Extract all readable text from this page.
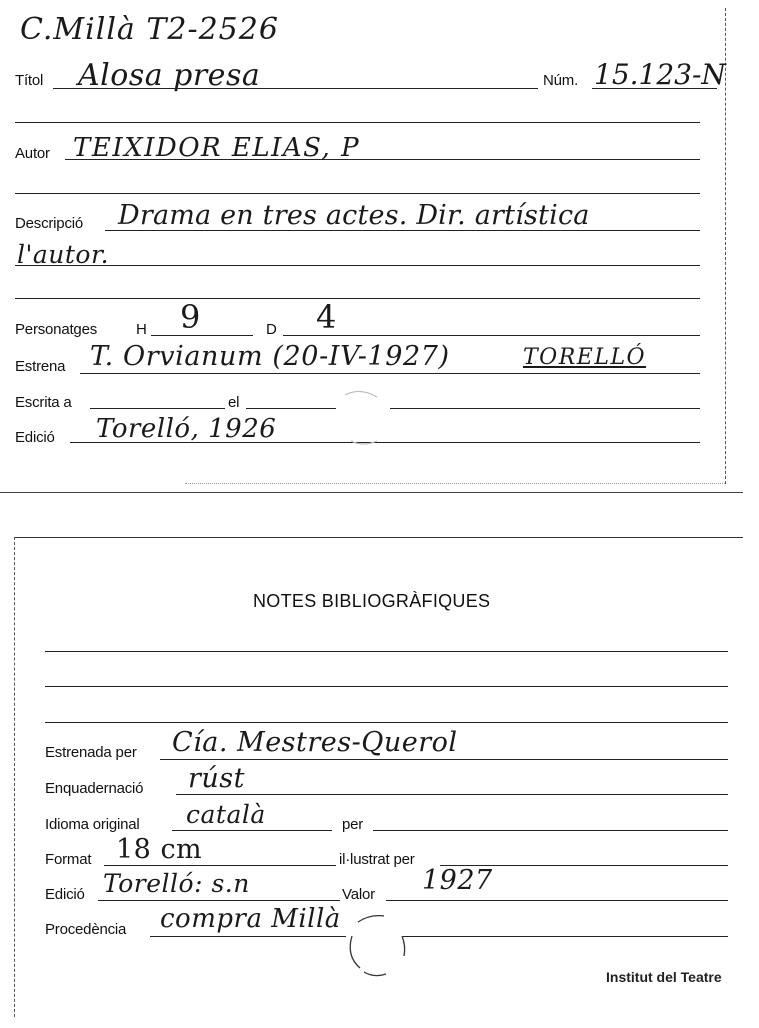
C.Millà T2-2526
Títol Alosa presa	Núm. 15.123-N
Autor TEIXIDOR ELIAS, P
Descripció Drama en tres actes. Dir. artística
l'autor.
Personatges	H 9	D 4
Estrena T. Orvianum (20-IV-1927)	TORELLÓ
Escrita a	el
Edició Torelló, 1926
NOTES BIBLIOGRÀFIQUES
Estrenada per Cía. Mestres-Querol
Enquadernació rúst
Idioma original català	per
Format 18 cm	il·lustrat per
Edició Torelló: s.n	Valor 1927
Procedència compra Millà
Institut del Teatre
